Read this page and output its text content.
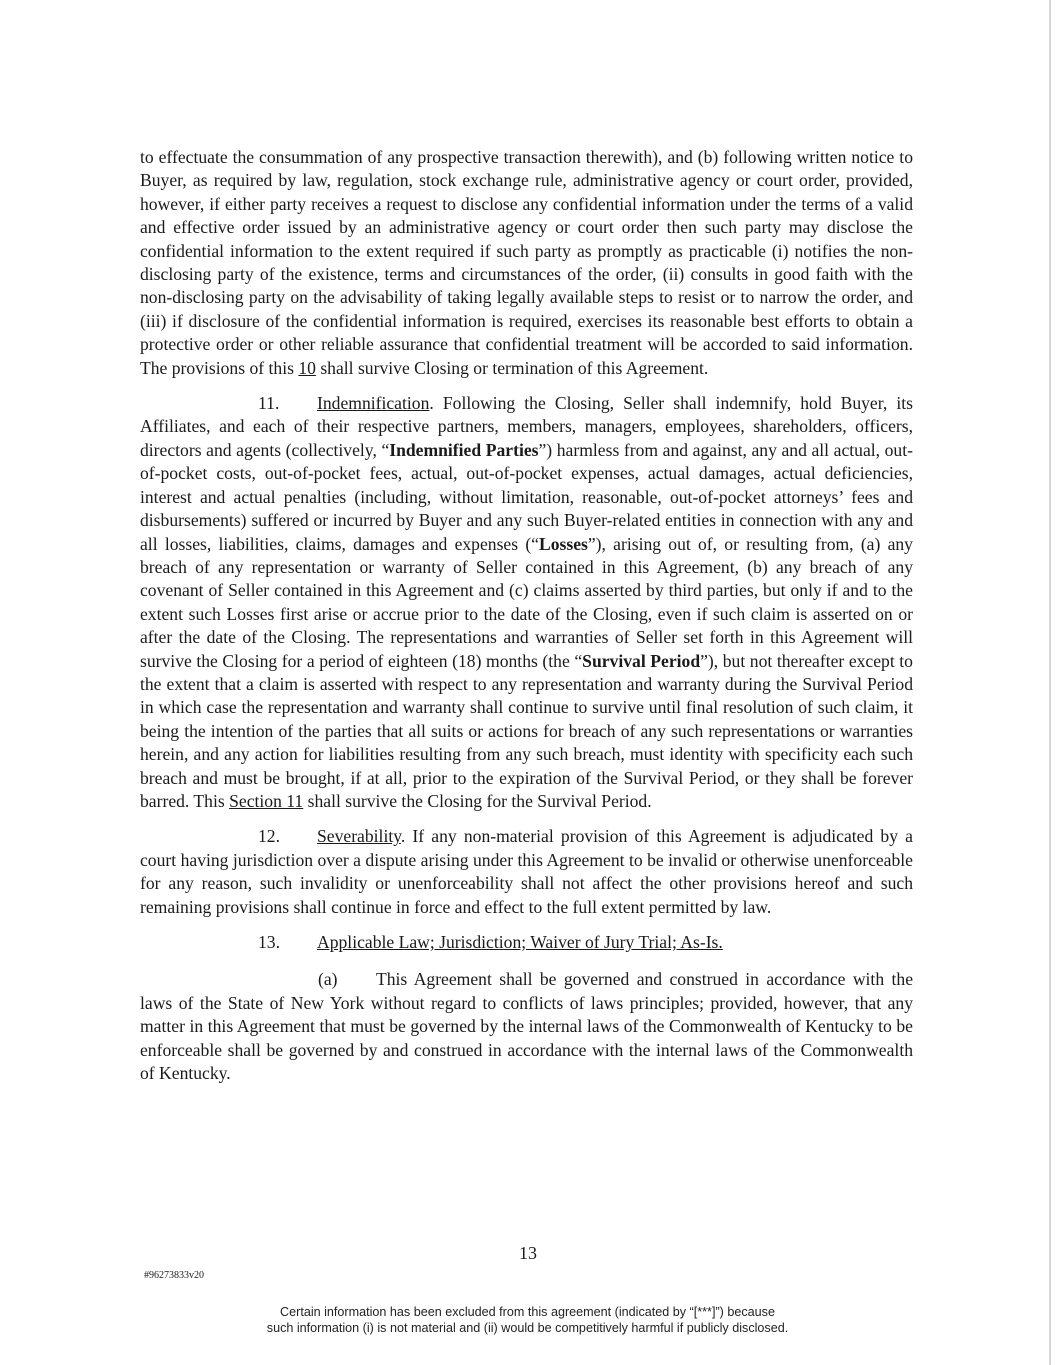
to effectuate the consummation of any prospective transaction therewith), and (b) following written notice to Buyer, as required by law, regulation, stock exchange rule, administrative agency or court order, provided, however, if either party receives a request to disclose any confidential information under the terms of a valid and effective order issued by an administrative agency or court order then such party may disclose the confidential information to the extent required if such party as promptly as practicable (i) notifies the non-disclosing party of the existence, terms and circumstances of the order, (ii) consults in good faith with the non-disclosing party on the advisability of taking legally available steps to resist or to narrow the order, and (iii) if disclosure of the confidential information is required, exercises its reasonable best efforts to obtain a protective order or other reliable assurance that confidential treatment will be accorded to said information. The provisions of this 10 shall survive Closing or termination of this Agreement.

11. Indemnification. Following the Closing, Seller shall indemnify, hold Buyer, its Affiliates, and each of their respective partners, members, managers, employees, shareholders, officers, directors and agents (collectively, “Indemnified Parties”) harmless from and against, any and all actual, out-of-pocket costs, out-of-pocket fees, actual, out-of-pocket expenses, actual damages, actual deficiencies, interest and actual penalties (including, without limitation, reasonable, out-of-pocket attorneys’ fees and disbursements) suffered or incurred by Buyer and any such Buyer-related entities in connection with any and all losses, liabilities, claims, damages and expenses (“Losses”), arising out of, or resulting from, (a) any breach of any representation or warranty of Seller contained in this Agreement, (b) any breach of any covenant of Seller contained in this Agreement and (c) claims asserted by third parties, but only if and to the extent such Losses first arise or accrue prior to the date of the Closing, even if such claim is asserted on or after the date of the Closing. The representations and warranties of Seller set forth in this Agreement will survive the Closing for a period of eighteen (18) months (the “Survival Period”), but not thereafter except to the extent that a claim is asserted with respect to any representation and warranty during the Survival Period in which case the representation and warranty shall continue to survive until final resolution of such claim, it being the intention of the parties that all suits or actions for breach of any such representations or warranties herein, and any action for liabilities resulting from any such breach, must identity with specificity each such breach and must be brought, if at all, prior to the expiration of the Survival Period, or they shall be forever barred. This Section 11 shall survive the Closing for the Survival Period.

12. Severability. If any non-material provision of this Agreement is adjudicated by a court having jurisdiction over a dispute arising under this Agreement to be invalid or otherwise unenforceable for any reason, such invalidity or unenforceability shall not affect the other provisions hereof and such remaining provisions shall continue in force and effect to the full extent permitted by law.

13. Applicable Law; Jurisdiction; Waiver of Jury Trial; As-Is.

(a) This Agreement shall be governed and construed in accordance with the laws of the State of New York without regard to conflicts of laws principles; provided, however, that any matter in this Agreement that must be governed by the internal laws of the Commonwealth of Kentucky to be enforceable shall be governed by and construed in accordance with the internal laws of the Commonwealth of Kentucky.

13
#96273833v20
Certain information has been excluded from this agreement (indicated by “[***]”) because
such information (i) is not material and (ii) would be competitively harmful if publicly disclosed.
